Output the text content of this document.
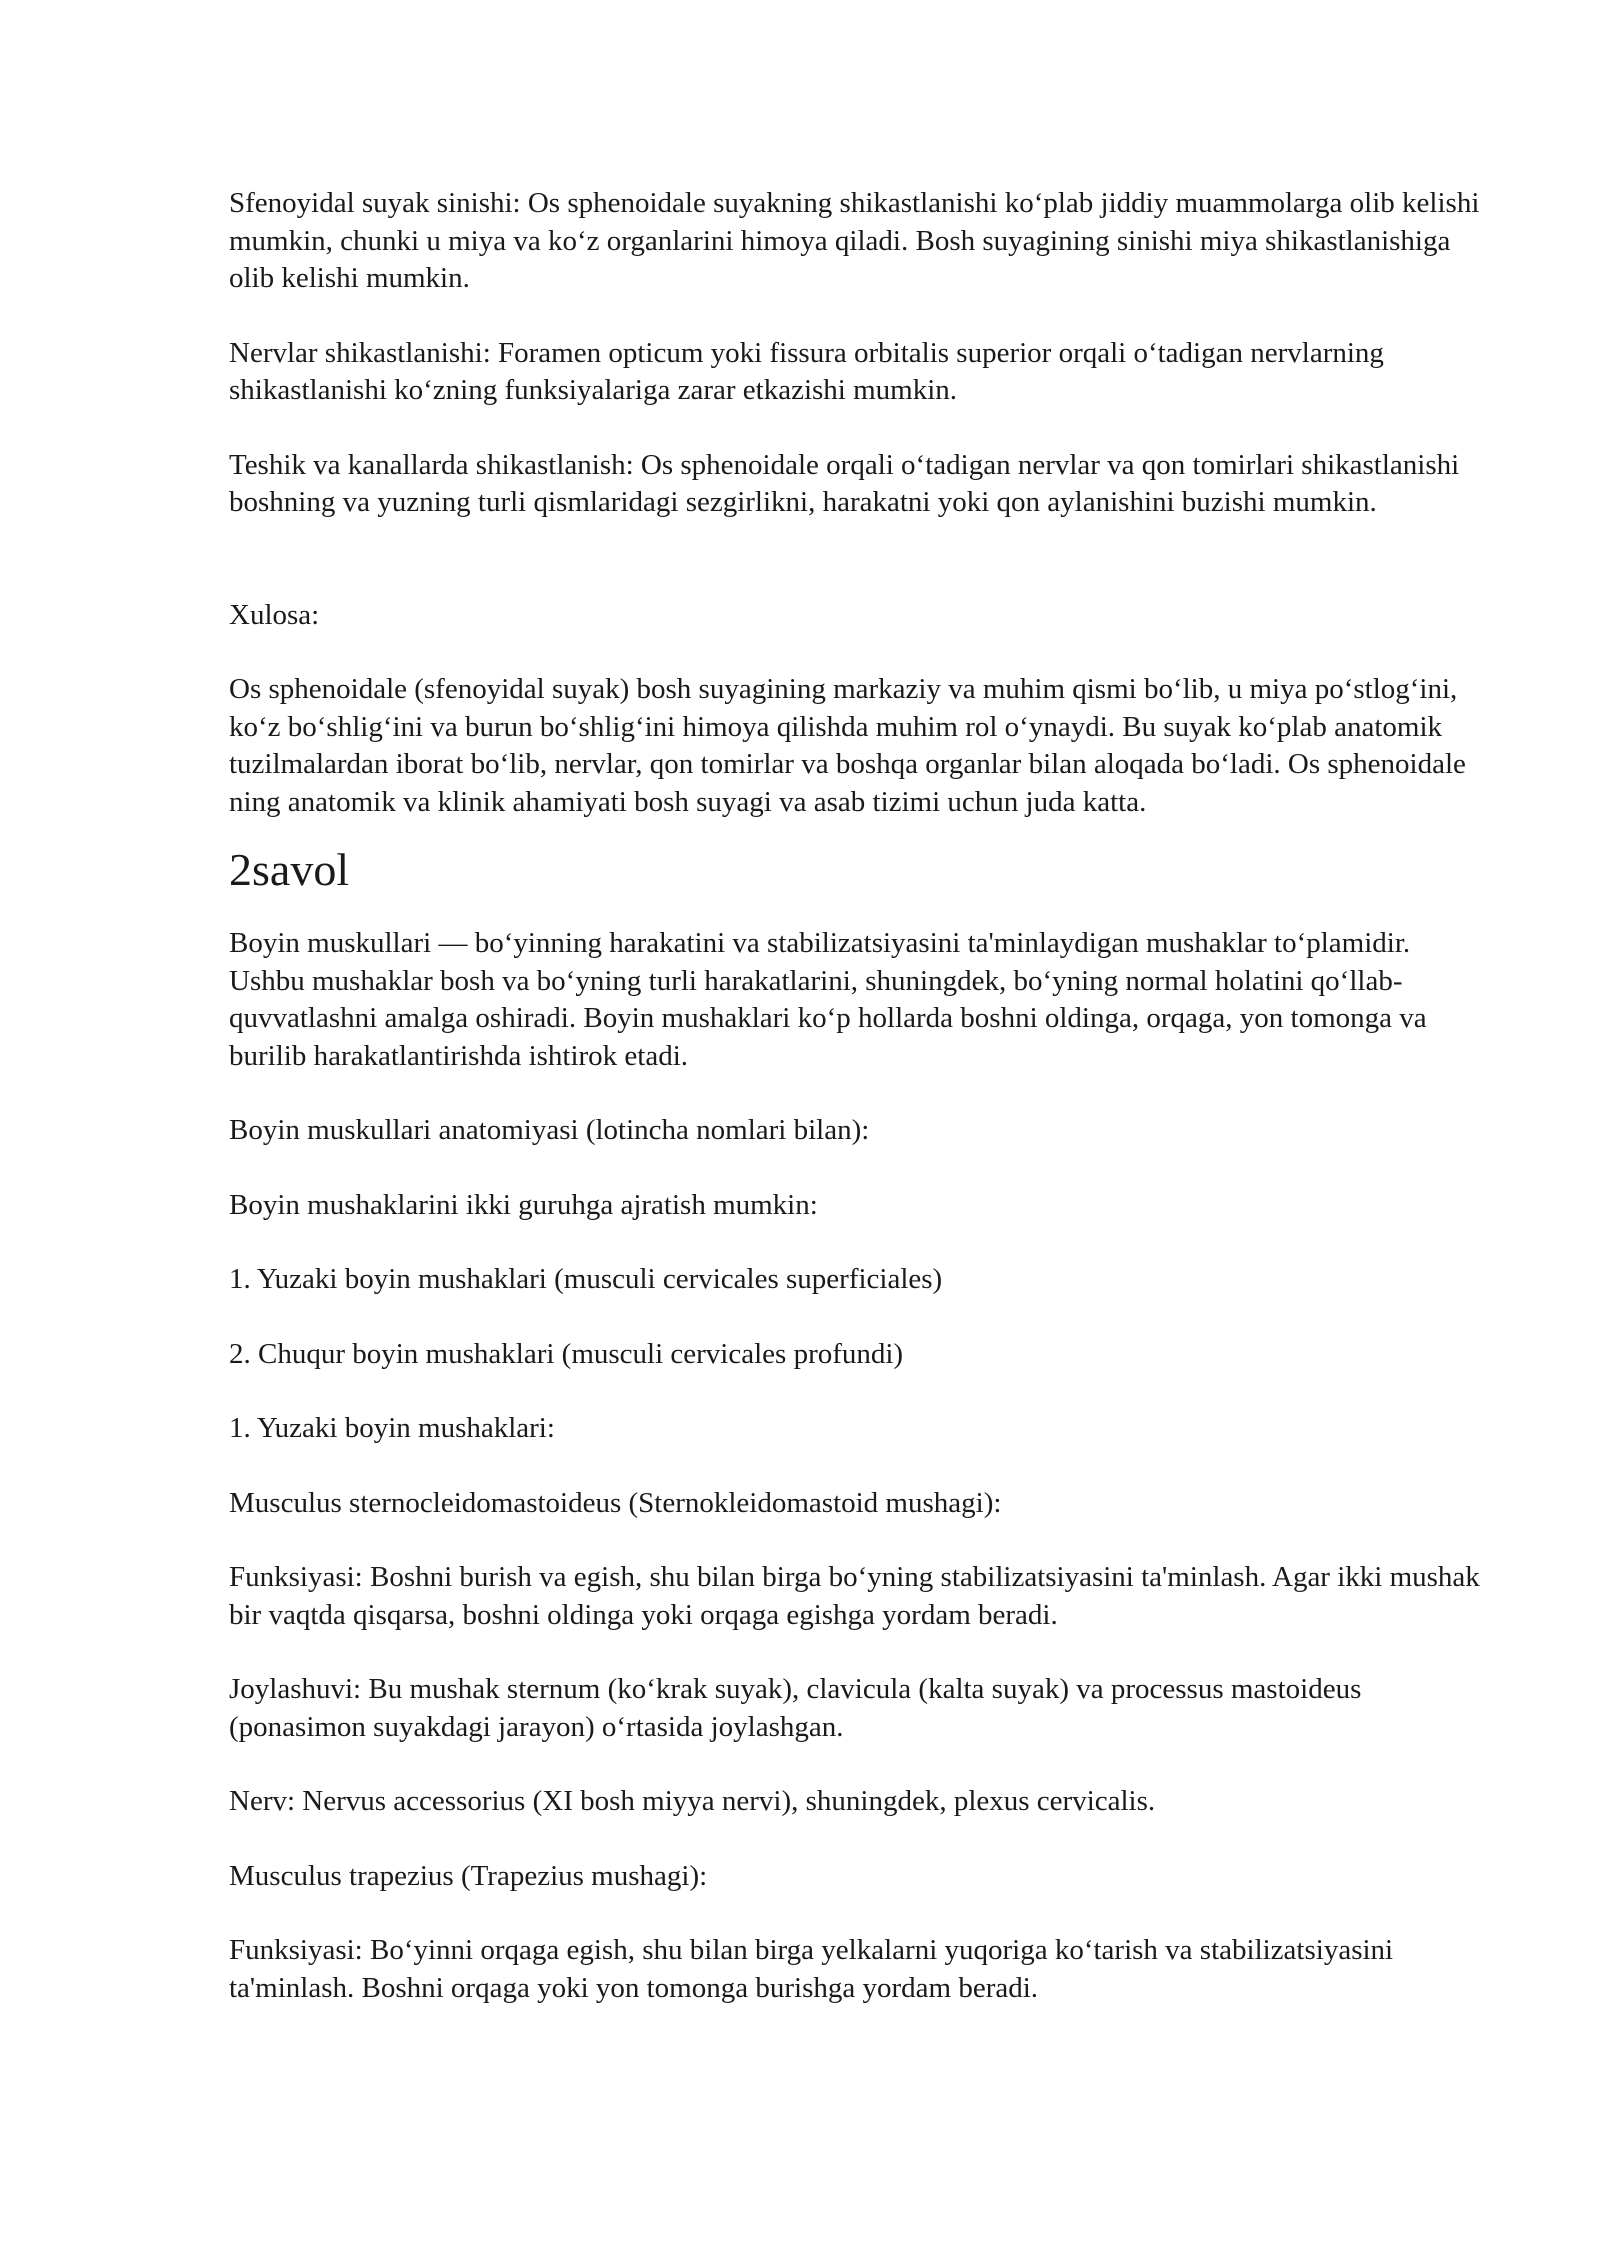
Sfenoyidal suyak sinishi: Os sphenoidale suyakning shikastlanishi ko‘plab jiddiy muammolarga olib kelishi mumkin, chunki u miya va ko‘z organlarini himoya qiladi. Bosh suyagining sinishi miya shikastlanishiga olib kelishi mumkin.

Nervlar shikastlanishi: Foramen opticum yoki fissura orbitalis superior orqali o‘tadigan nervlarning shikastlanishi ko‘zning funksiyalariga zarar etkazishi mumkin.

Teshik va kanallarda shikastlanish: Os sphenoidale orqali o‘tadigan nervlar va qon tomirlari shikastlanishi boshning va yuzning turli qismlaridagi sezgirlikni, harakatni yoki qon aylanishini buzishi mumkin.

Xulosa:

Os sphenoidale (sfenoyidal suyak) bosh suyagining markaziy va muhim qismi bo‘lib, u miya po‘stlog‘ini, ko‘z bo‘shlig‘ini va burun bo‘shlig‘ini himoya qilishda muhim rol o‘ynaydi. Bu suyak ko‘plab anatomik tuzilmalardan iborat bo‘lib, nervlar, qon tomirlar va boshqa organlar bilan aloqada bo‘ladi. Os sphenoidale ning anatomik va klinik ahamiyati bosh suyagi va asab tizimi uchun juda katta.

2savol

Boyin muskullari — bo‘yinning harakatini va stabilizatsiyasini ta'minlaydigan mushaklar to‘plamidir. Ushbu mushaklar bosh va bo‘yning turli harakatlarini, shuningdek, bo‘yning normal holatini qo‘llab-quvvatlashni amalga oshiradi. Boyin mushaklari ko‘p hollarda boshni oldinga, orqaga, yon tomonga va burilib harakatlantirishda ishtirok etadi.

Boyin muskullari anatomiyasi (lotincha nomlari bilan):

Boyin mushaklarini ikki guruhga ajratish mumkin:

1. Yuzaki boyin mushaklari (musculi cervicales superficiales)

2. Chuqur boyin mushaklari (musculi cervicales profundi)

1. Yuzaki boyin mushaklari:

Musculus sternocleidomastoideus (Sternokleidomastoid mushagi):

Funksiyasi: Boshni burish va egish, shu bilan birga bo‘yning stabilizatsiyasini ta'minlash. Agar ikki mushak bir vaqtda qisqarsa, boshni oldinga yoki orqaga egishga yordam beradi.

Joylashuvi: Bu mushak sternum (ko‘krak suyak), clavicula (kalta suyak) va processus mastoideus (ponasimon suyakdagi jarayon) o‘rtasida joylashgan.

Nerv: Nervus accessorius (XI bosh miyya nervi), shuningdek, plexus cervicalis.

Musculus trapezius (Trapezius mushagi):

Funksiyasi: Bo‘yinni orqaga egish, shu bilan birga yelkalarni yuqoriga ko‘tarish va stabilizatsiyasini ta'minlash. Boshni orqaga yoki yon tomonga burishga yordam beradi.
